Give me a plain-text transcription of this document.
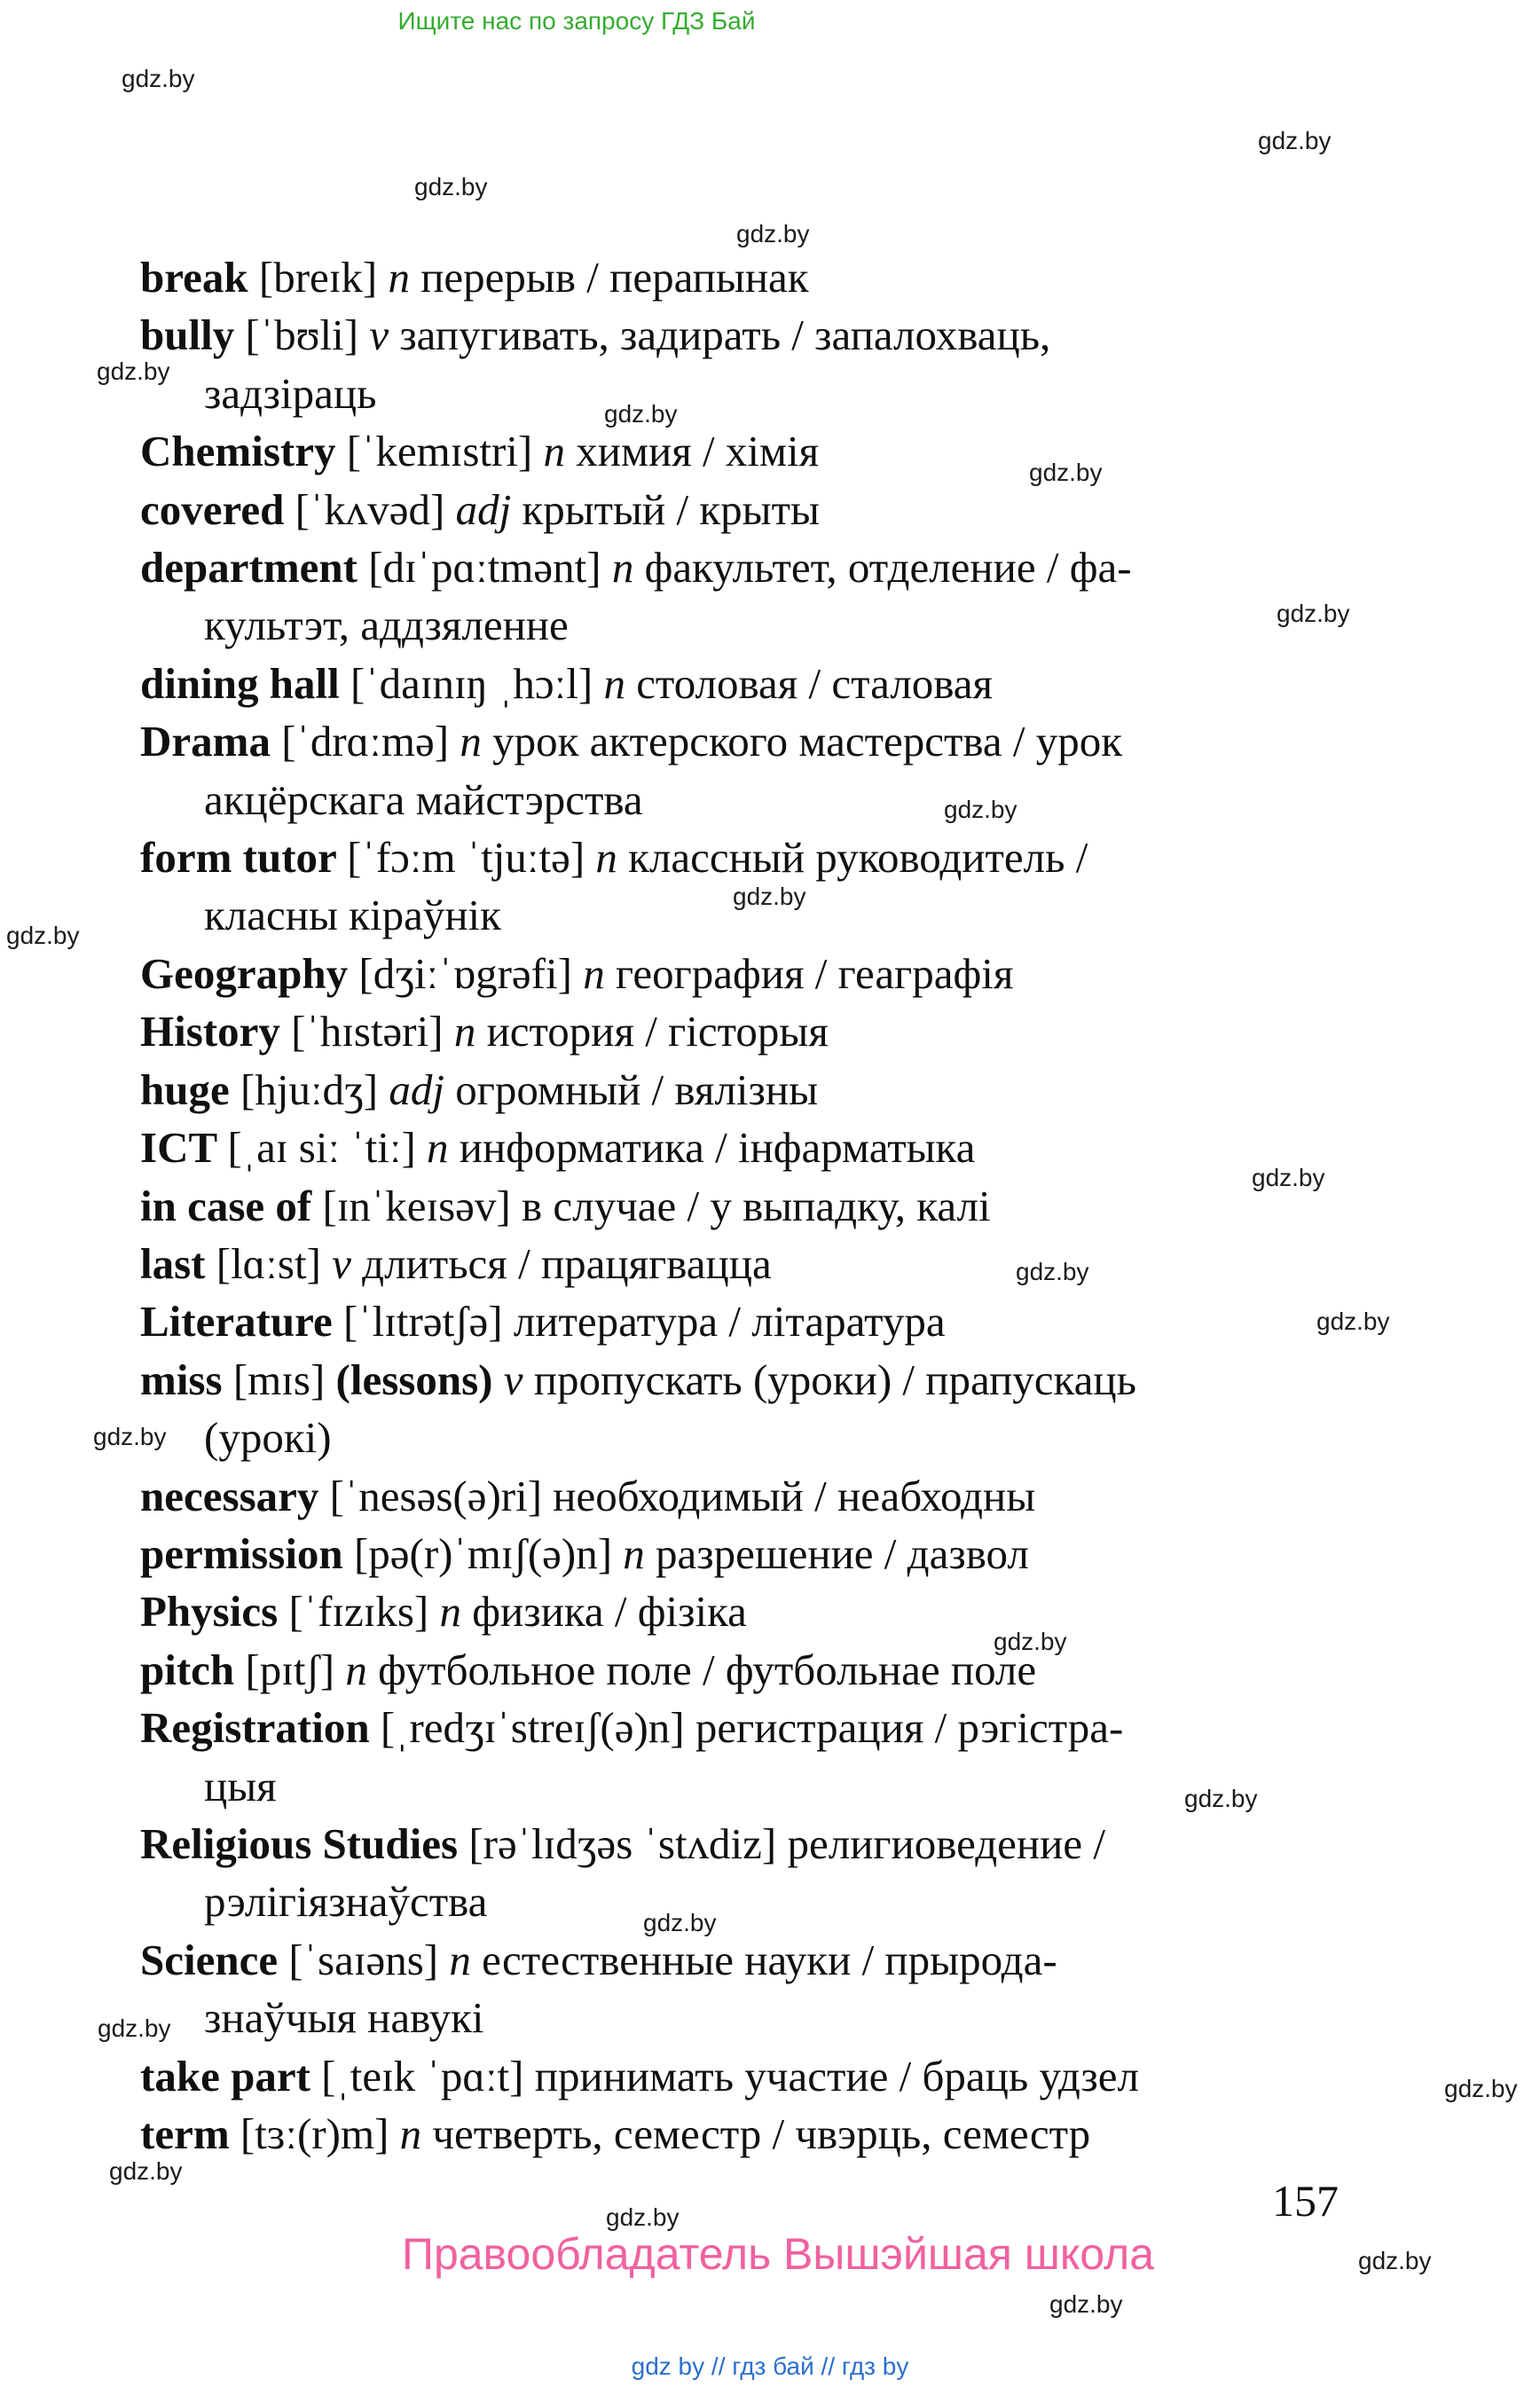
Ищите нас по запросу ГДЗ Бай
gdz.by
gdz.by
gdz.by
gdz.by
gdz.by
gdz.by
gdz.by
gdz.by
gdz.by
gdz.by
gdz.by
gdz.by
gdz.by
gdz.by
gdz.by
gdz.by
gdz.by
gdz.by
gdz.by
gdz.by
gdz.by
gdz.by
gdz.by
gdz.by
break [breɪk] n перерыв / перапынак
bully [ˈbʊli] v запугивать, задирать / запалохваць,
задзіраць
Chemistry [ˈkemɪstri] n химия / хімія
covered [ˈkʌvəd] adj крытый / крыты
department [dɪˈpɑːtmənt] n факультет, отделение / фа-
культэт, аддзяленне
dining hall [ˈdaɪnɪŋ ˌhɔːl] n столовая / сталовая
Drama [ˈdrɑːmə] n урок актерского мастерства / урок
акцёрскага майстэрства
form tutor [ˈfɔːm ˈtjuːtə] n классный руководитель /
класны кіраўнік
Geography [dʒiːˈɒgrəfi] n география / геаграфія
History [ˈhɪstəri] n история / гісторыя
huge [hjuːdʒ] adj огромный / вялізны
ICT [ˌaɪ siː ˈtiː] n информатика / інфарматыка
in case of [ɪnˈkeɪsəv] в случае / у выпадку, калі
last [lɑːst] v длиться / працягвацца
Literature [ˈlɪtrətʃə] литература / літаратура
miss [mɪs] (lessons) v пропускать (уроки) / прапускаць
(урокі)
necessary [ˈnesəs(ə)ri] необходимый / неабходны
permission [pə(r)ˈmɪʃ(ə)n] n разрешение / дазвол
Physics [ˈfɪzɪks] n физика / фізіка
pitch [pɪtʃ] n футбольное поле / футбольнае поле
Registration [ˌredʒɪˈstreɪʃ(ə)n] регистрация / рэгістра-
цыя
Religious Studies [rəˈlɪdʒəs ˈstʌdiz] религиоведение /
рэлігіязнаўства
Science [ˈsaɪəns] n естественные науки / прырода-
знаўчыя навукі
take part [ˌteɪk ˈpɑːt] принимать участие / браць удзел
term [tɜː(r)m] n четверть, семестр / чвэрць, семестр
157
Правообладатель Вышэйшая школа
gdz by // гдз бай // гдз by
